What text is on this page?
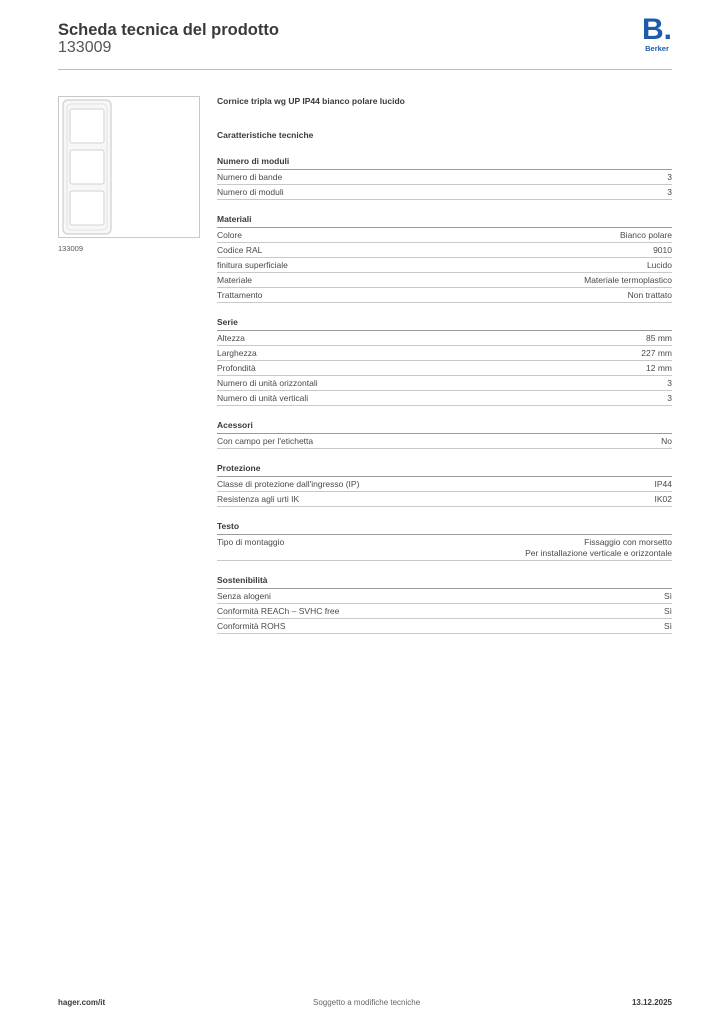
Scheda tecnica del prodotto
133009
B.
Berker
133009
Cornice tripla wg UP IP44 bianco polare lucido
Caratteristiche tecniche
Numero di moduli
Numero di bande	3
Numero di moduli	3
Materiali
Colore	Bianco polare
Codice RAL	9010
finitura superficiale	Lucido
Materiale	Materiale termoplastico
Trattamento	Non trattato
Serie
Altezza	85 mm
Larghezza	227 mm
Profondità	12 mm
Numero di unità orizzontali	3
Numero di unità verticali	3
Acessori
Con campo per l'etichetta	No
Protezione
Classe di protezione dall'ingresso (IP)	IP44
Resistenza agli urti IK	IK02
Testo
Tipo di montaggio	Fissaggio con morsetto
Per installazione verticale e orizzontale
Sostenibilità
Senza alogeni	Sì
Conformità REACh – SVHC free	Sì
Conformità ROHS	Sì
hager.com/it	Soggetto a modifiche tecniche	13.12.2025
